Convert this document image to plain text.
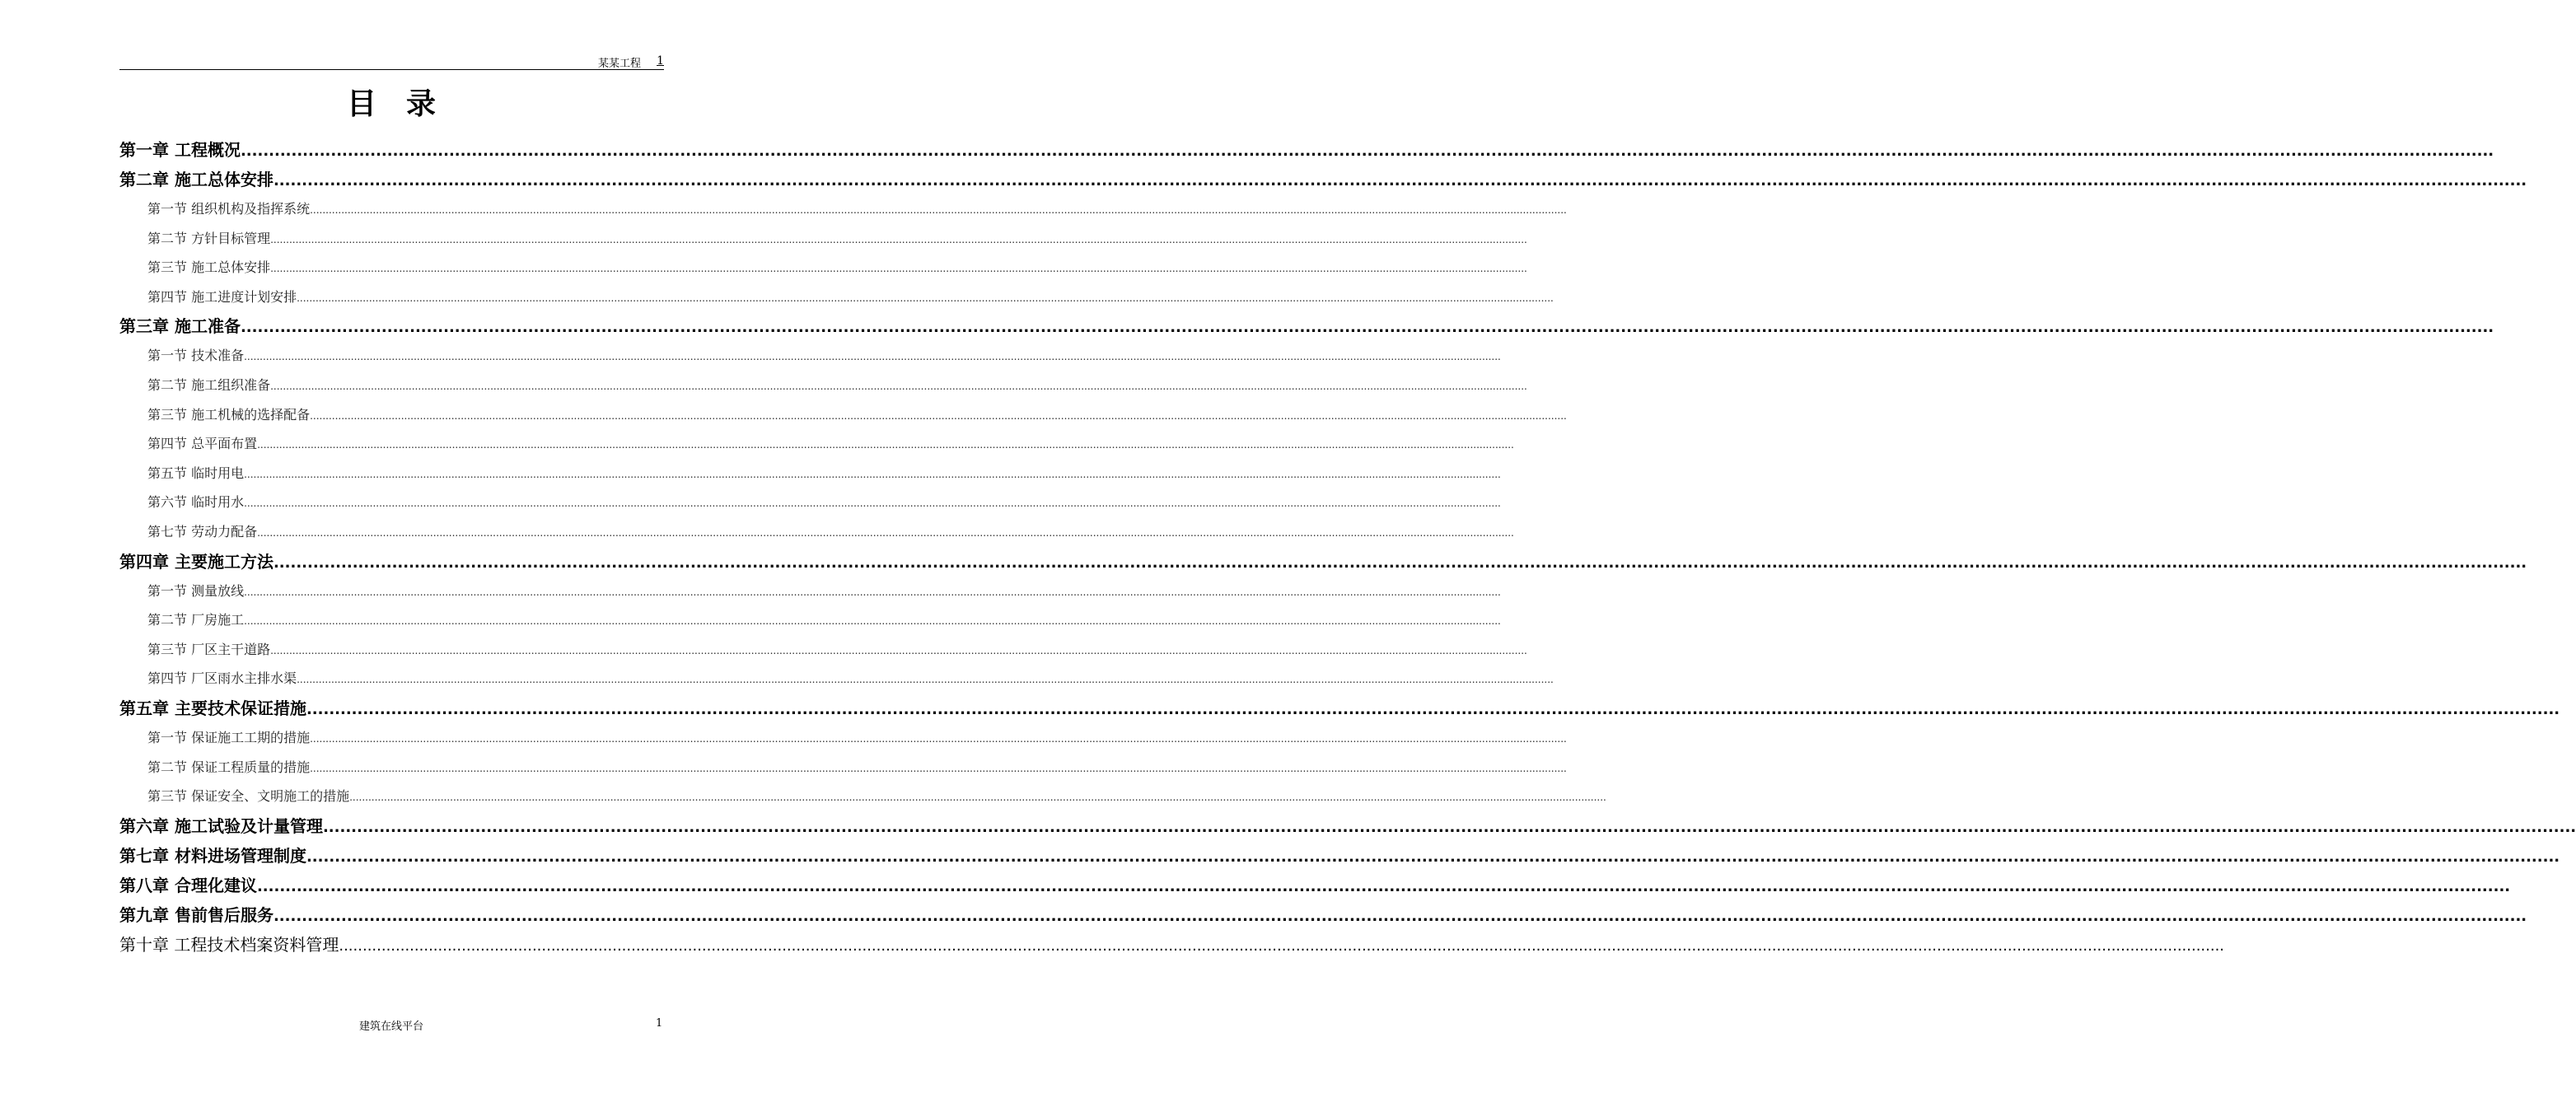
某某工程 1
目录
第一章 工程概况 ................................................................................................................................................................................................................................................................................................................................................................................................................
第二章 施工总体安排 ................................................................................................................................................................................................................................................................................................................................................................................................................
第一节 组织机构及指挥系统 ................................................................................................................................................................................................................................................................................................................................................................................................................
第二节 方针目标管理 ................................................................................................................................................................................................................................................................................................................................................................................................................
第三节 施工总体安排 ................................................................................................................................................................................................................................................................................................................................................................................................................
第四节 施工进度计划安排 ................................................................................................................................................................................................................................................................................................................................................................................................................
第三章 施工准备 ................................................................................................................................................................................................................................................................................................................................................................................................................
第一节 技术准备 ................................................................................................................................................................................................................................................................................................................................................................................................................
第二节 施工组织准备 ................................................................................................................................................................................................................................................................................................................................................................................................................
第三节 施工机械的选择配备 ................................................................................................................................................................................................................................................................................................................................................................................................................
第四节 总平面布置 ................................................................................................................................................................................................................................................................................................................................................................................................................
第五节 临时用电 ................................................................................................................................................................................................................................................................................................................................................................................................................
第六节 临时用水 ................................................................................................................................................................................................................................................................................................................................................................................................................
第七节 劳动力配备 ................................................................................................................................................................................................................................................................................................................................................................................................................
第四章 主要施工方法 ................................................................................................................................................................................................................................................................................................................................................................................................................
第一节 测量放线 ................................................................................................................................................................................................................................................................................................................................................................................................................
第二节 厂房施工 ................................................................................................................................................................................................................................................................................................................................................................................................................
第三节 厂区主干道路 ................................................................................................................................................................................................................................................................................................................................................................................................................
第四节 厂区雨水主排水渠 ................................................................................................................................................................................................................................................................................................................................................................................................................
第五章 主要技术保证措施 ................................................................................................................................................................................................................................................................................................................................................................................................................
第一节 保证施工工期的措施 ................................................................................................................................................................................................................................................................................................................................................................................................................
第二节 保证工程质量的措施 ................................................................................................................................................................................................................................................................................................................................................................................................................
第三节 保证安全、文明施工的措施 ................................................................................................................................................................................................................................................................................................................................................................................................................
第六章 施工试验及计量管理 ................................................................................................................................................................................................................................................................................................................................................................................................................
第七章 材料进场管理制度 ................................................................................................................................................................................................................................................................................................................................................................................................................
第八章 合理化建议 ................................................................................................................................................................................................................................................................................................................................................................................................................
第九章 售前售后服务 ................................................................................................................................................................................................................................................................................................................................................................................................................
第十章 工程技术档案资料管理 ................................................................................................................................................................................................................................................................................................................................................................................................................
建筑在线平台	1
